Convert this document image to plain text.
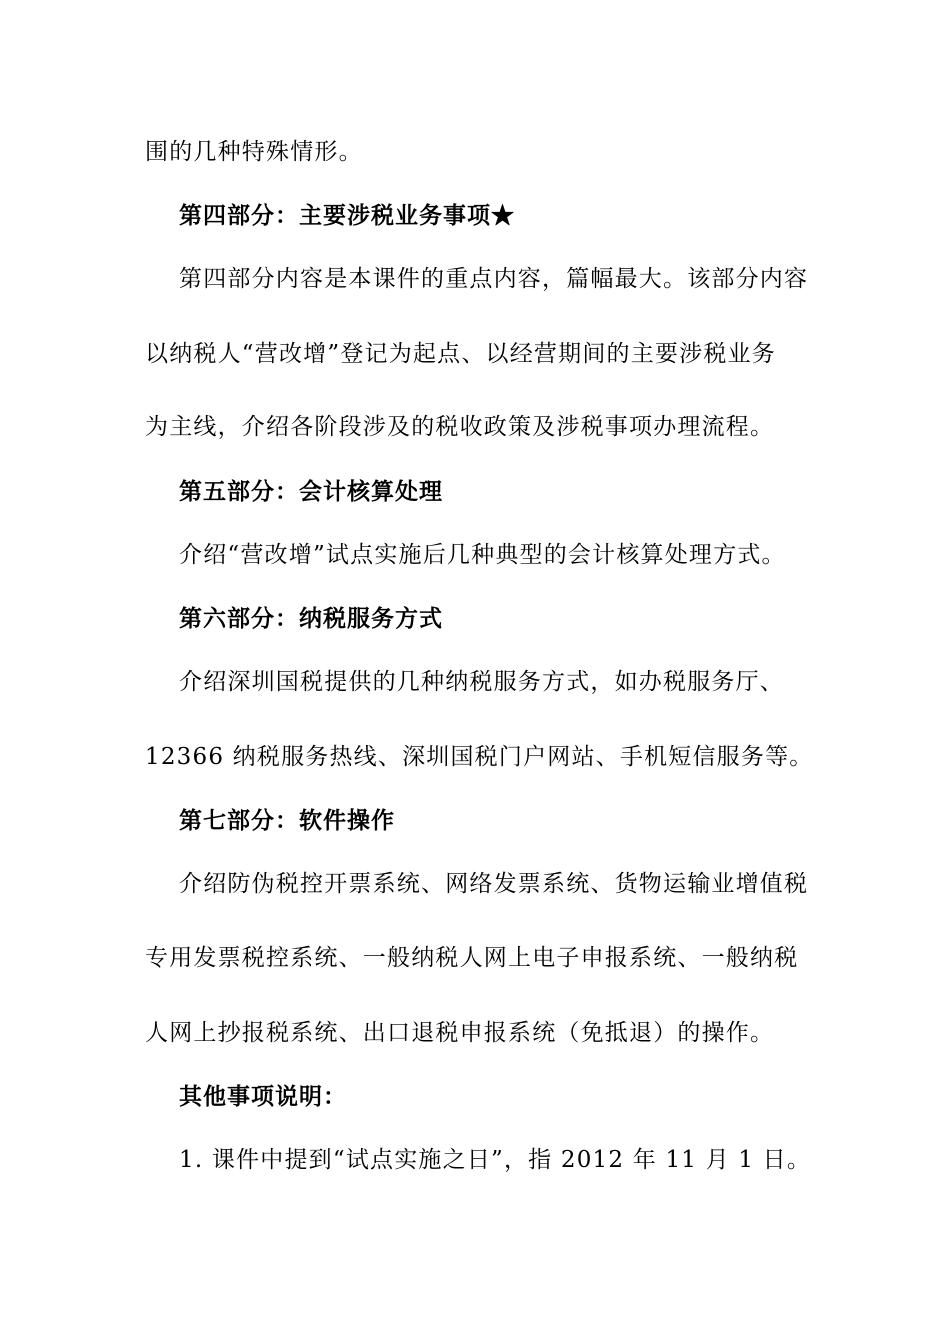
围的几种特殊情形。
第四部分：主要涉税业务事项★
第四部分内容是本课件的重点内容，篇幅最大。该部分内容
以纳税人“营改增”登记为起点、以经营期间的主要涉税业务
为主线，介绍各阶段涉及的税收政策及涉税事项办理流程。
第五部分：会计核算处理
介绍“营改增”试点实施后几种典型的会计核算处理方式。
第六部分：纳税服务方式
介绍深圳国税提供的几种纳税服务方式，如办税服务厅、
12366 纳税服务热线、深圳国税门户网站、手机短信服务等。
第七部分：软件操作
介绍防伪税控开票系统、网络发票系统、货物运输业增值税
专用发票税控系统、一般纳税人网上电子申报系统、一般纳税
人网上抄报税系统、出口退税申报系统（免抵退）的操作。
其他事项说明：
1. 课件中提到“试点实施之日”，指 2012 年 11 月 1 日。
